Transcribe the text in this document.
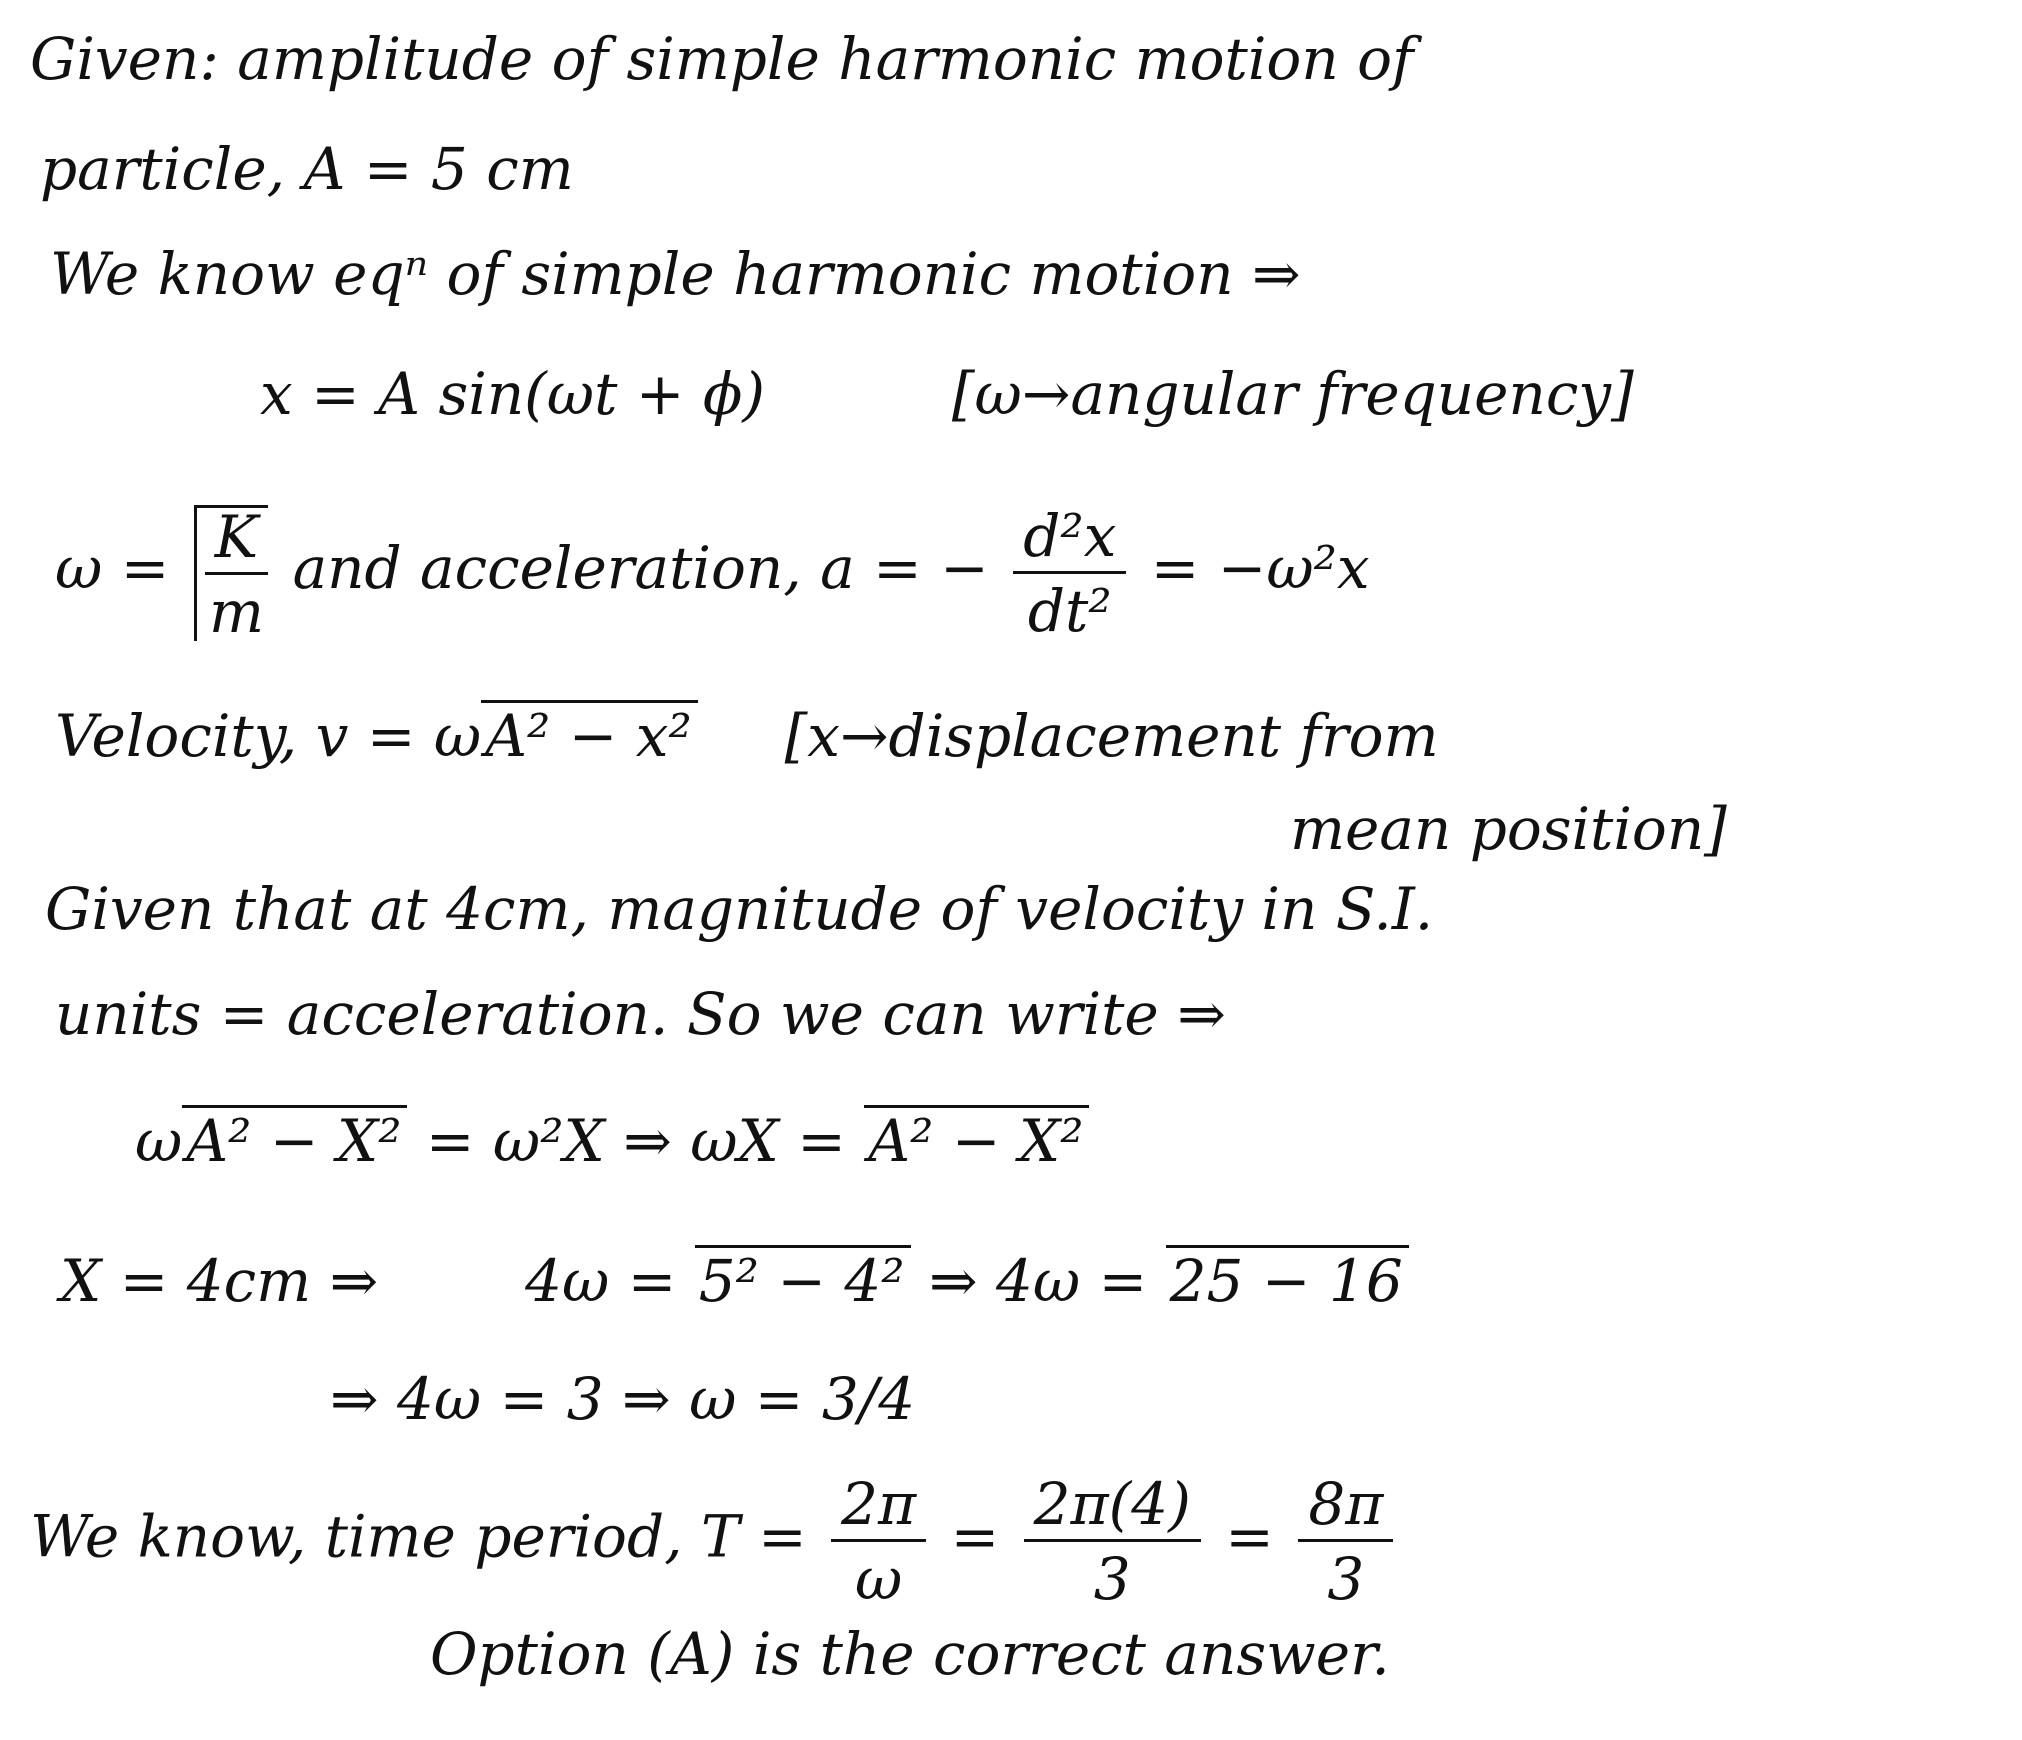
Given: amplitude of simple harmonic motion of
particle, A = 5 cm
We know eqⁿ of simple harmonic motion ⇒
x = A sin(ωt + ϕ)	[ω→angular frequency]
$\omega = \frac{K}{m}$ and acceleration, a = − $\frac{\text{d²x}}{\text{dt²}} = -\omega^2x$
Velocity, v = ωA² − x² [x→displacement from
mean position]
Given that at 4cm, magnitude of velocity in S.I.
units = acceleration. So we can write ⇒
ωA² − X² = ω²X ⇒ ωX = A² − X²
X = 4cm ⇒	4ω = 5² − 4² ⇒ 4ω = 25 − 16
⇒ 4ω = 3 ⇒ ω = 3/4
We know, time period, $T = \frac{2\pi}{\omega} = \frac{2\pi(4)}{3} = \frac{8\pi}{3}$
Option (A) is the correct answer.
